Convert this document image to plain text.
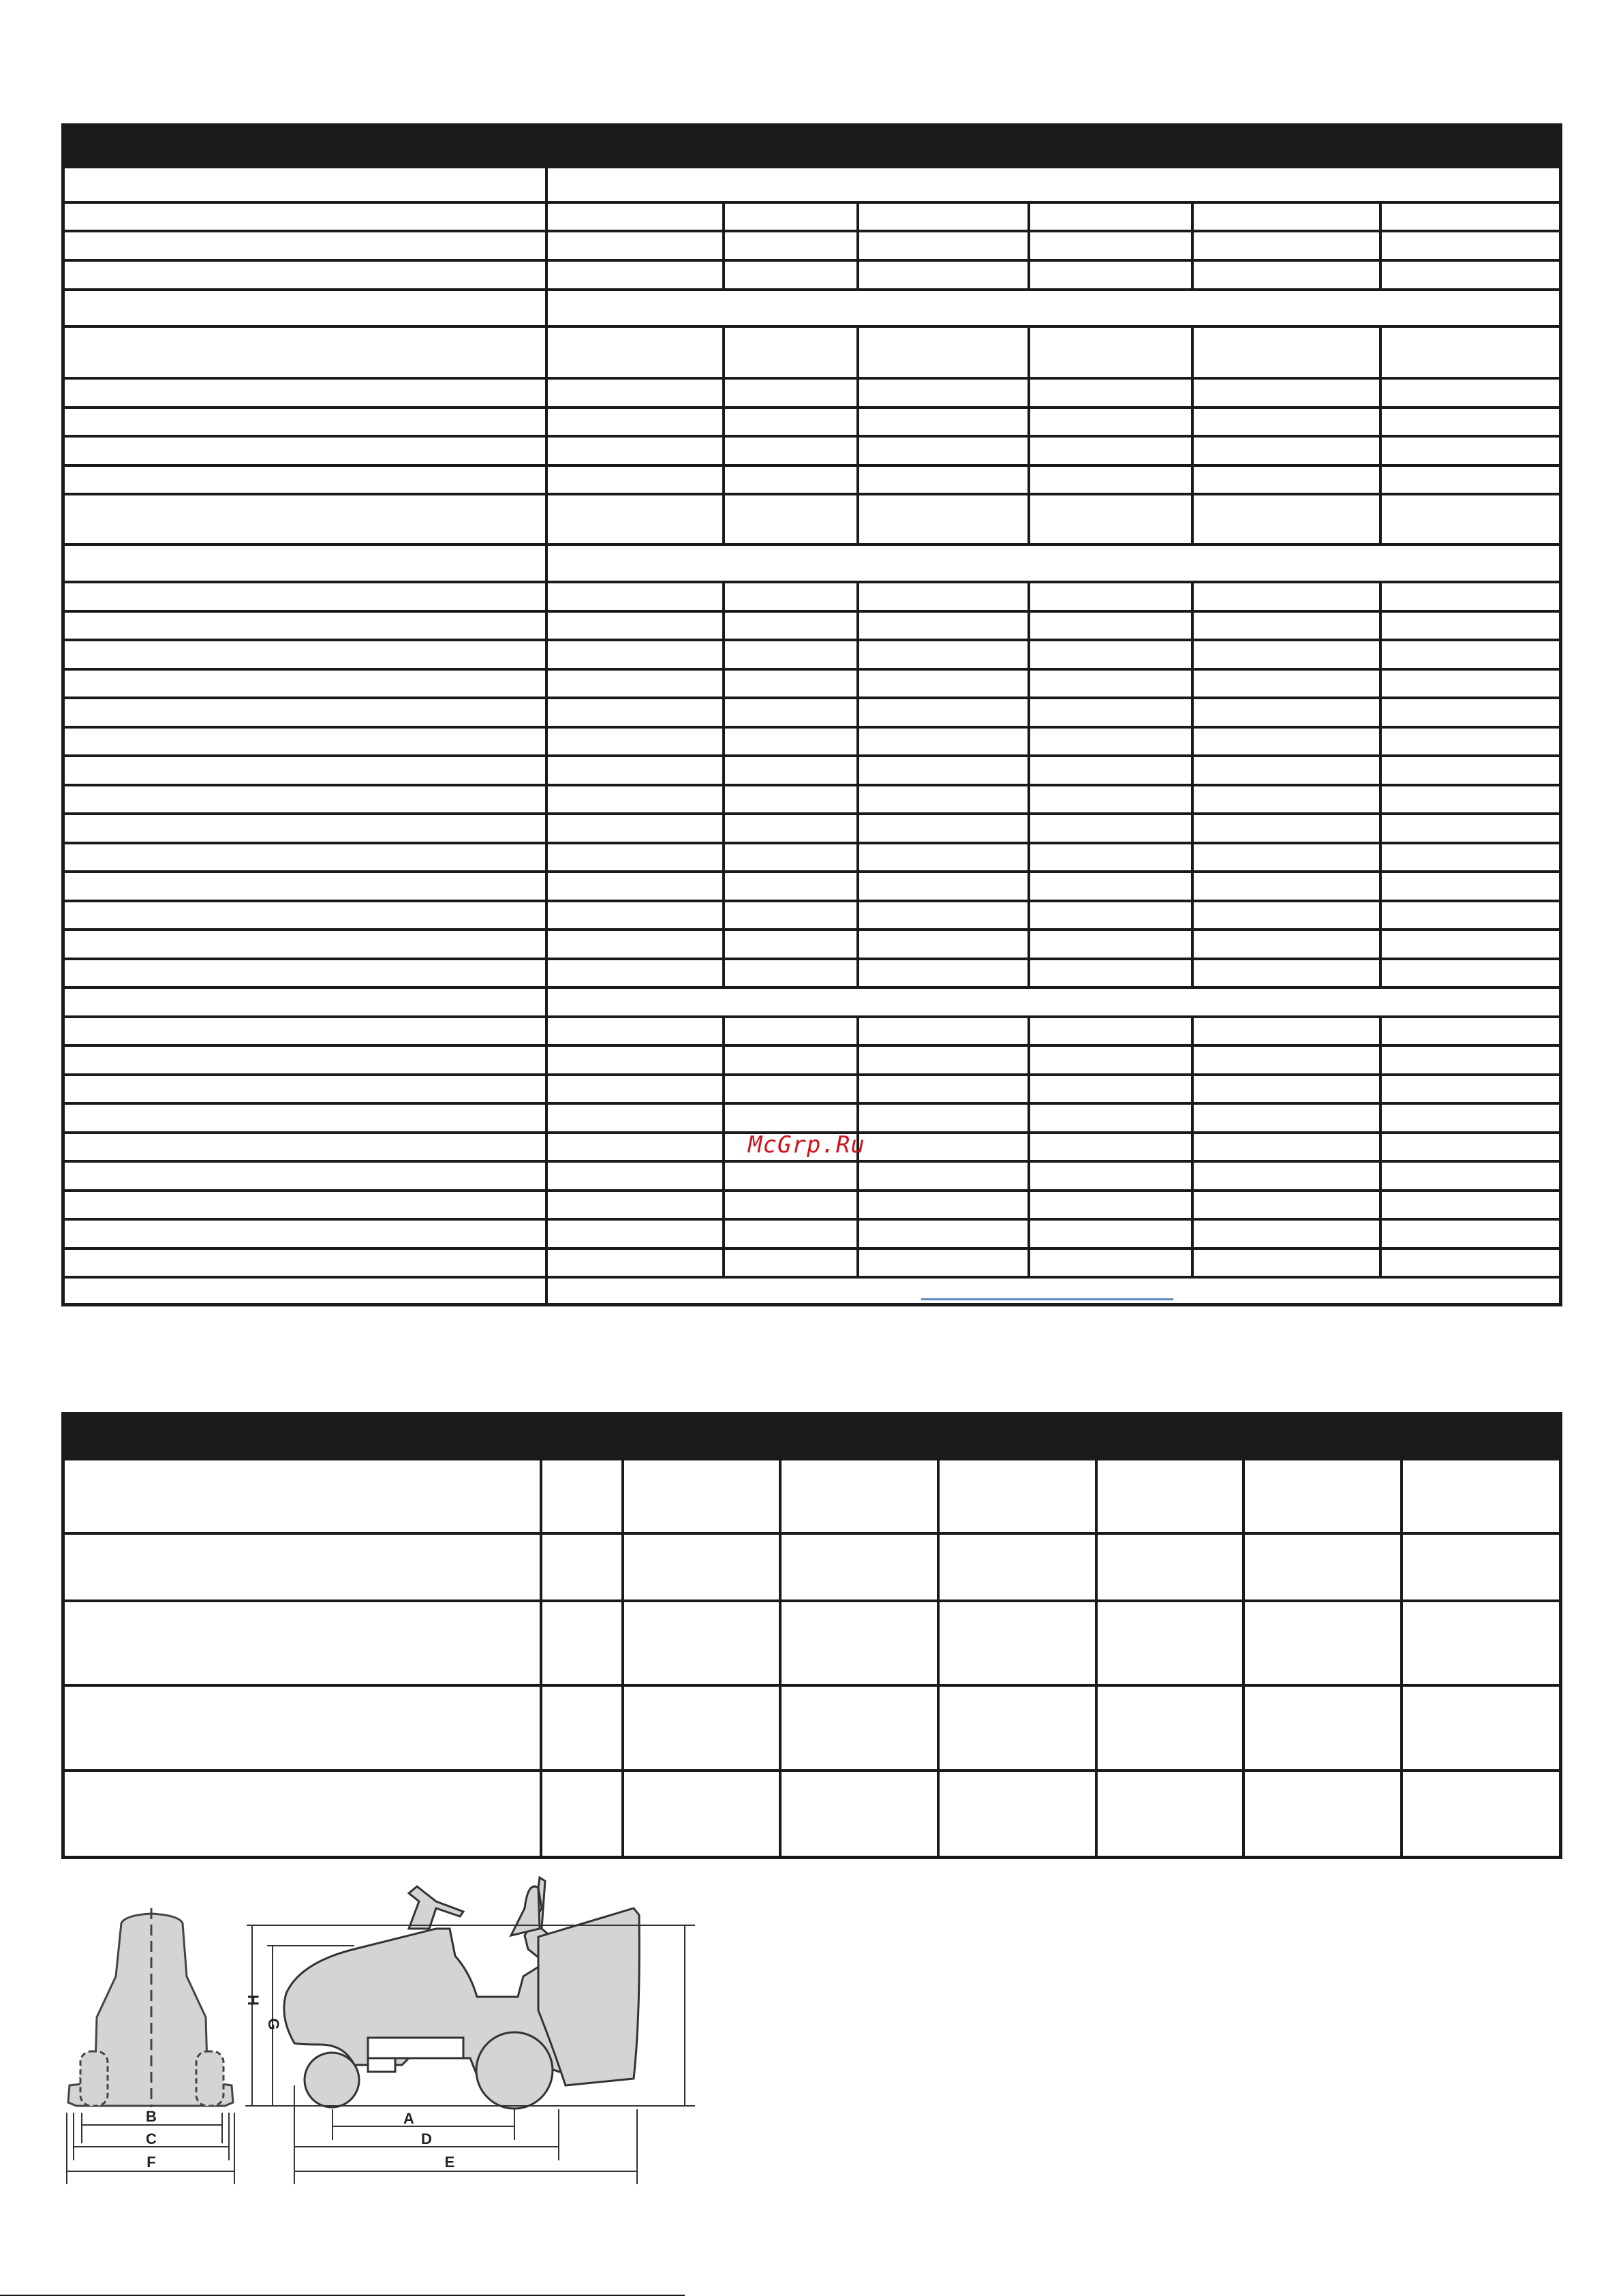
McGrp.Ru
B
C
F
A
D
E
H
G
